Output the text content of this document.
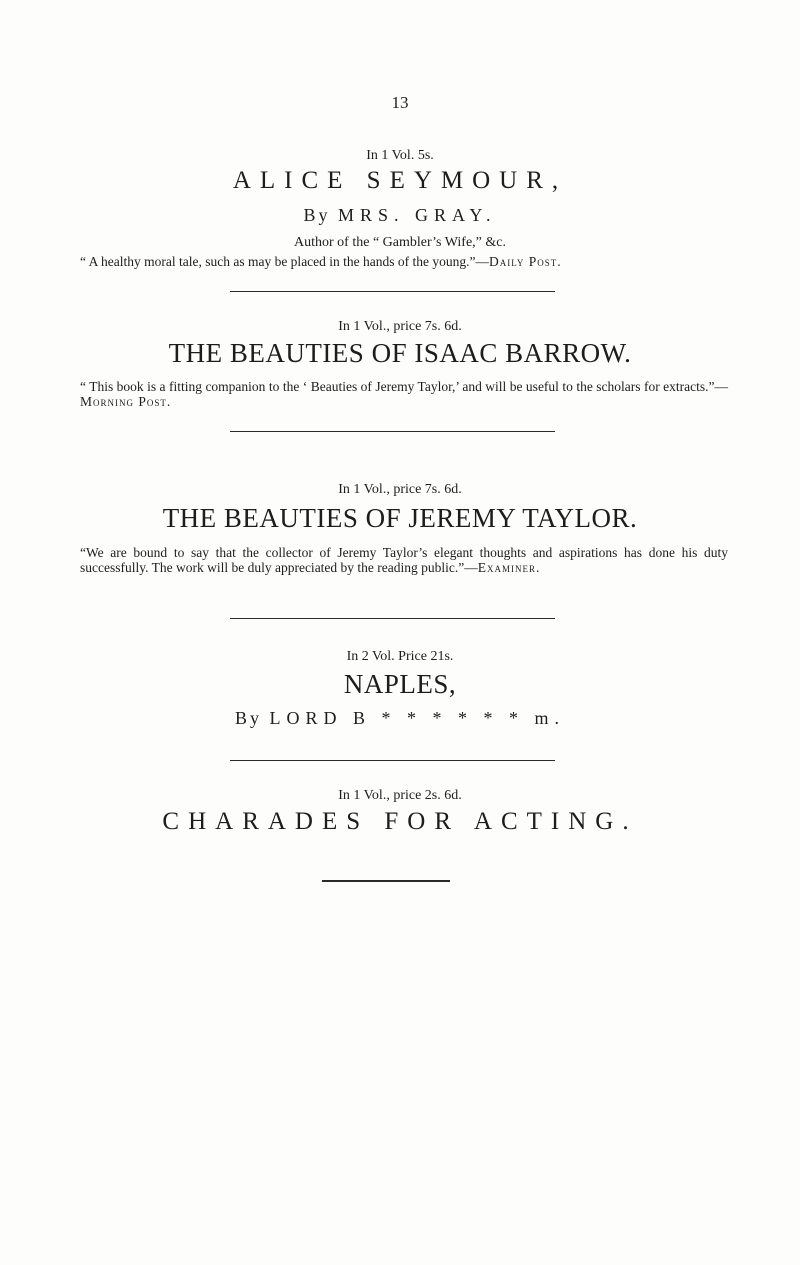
13
In 1 Vol. 5s.
ALICE SEYMOUR,
By MRS. GRAY.
Author of the “ Gambler’s Wife,” &c.
“ A healthy moral tale, such as may be placed in the hands of the young.”—Daily Post.
In 1 Vol., price 7s. 6d.
THE BEAUTIES OF ISAAC BARROW.
“ This book is a fitting companion to the ‘ Beauties of Jeremy Taylor,’ and will be useful to the scholars for extracts.”—Morning Post.
In 1 Vol., price 7s. 6d.
THE BEAUTIES OF JEREMY TAYLOR.
“We are bound to say that the collector of Jeremy Taylor’s elegant thoughts and aspirations has done his duty successfully. The work will be duly appreciated by the reading public.”—Examiner.
In 2 Vol. Price 21s.
NAPLES,
By LORD B * * * * * * m.
In 1 Vol., price 2s. 6d.
CHARADES FOR ACTING.
